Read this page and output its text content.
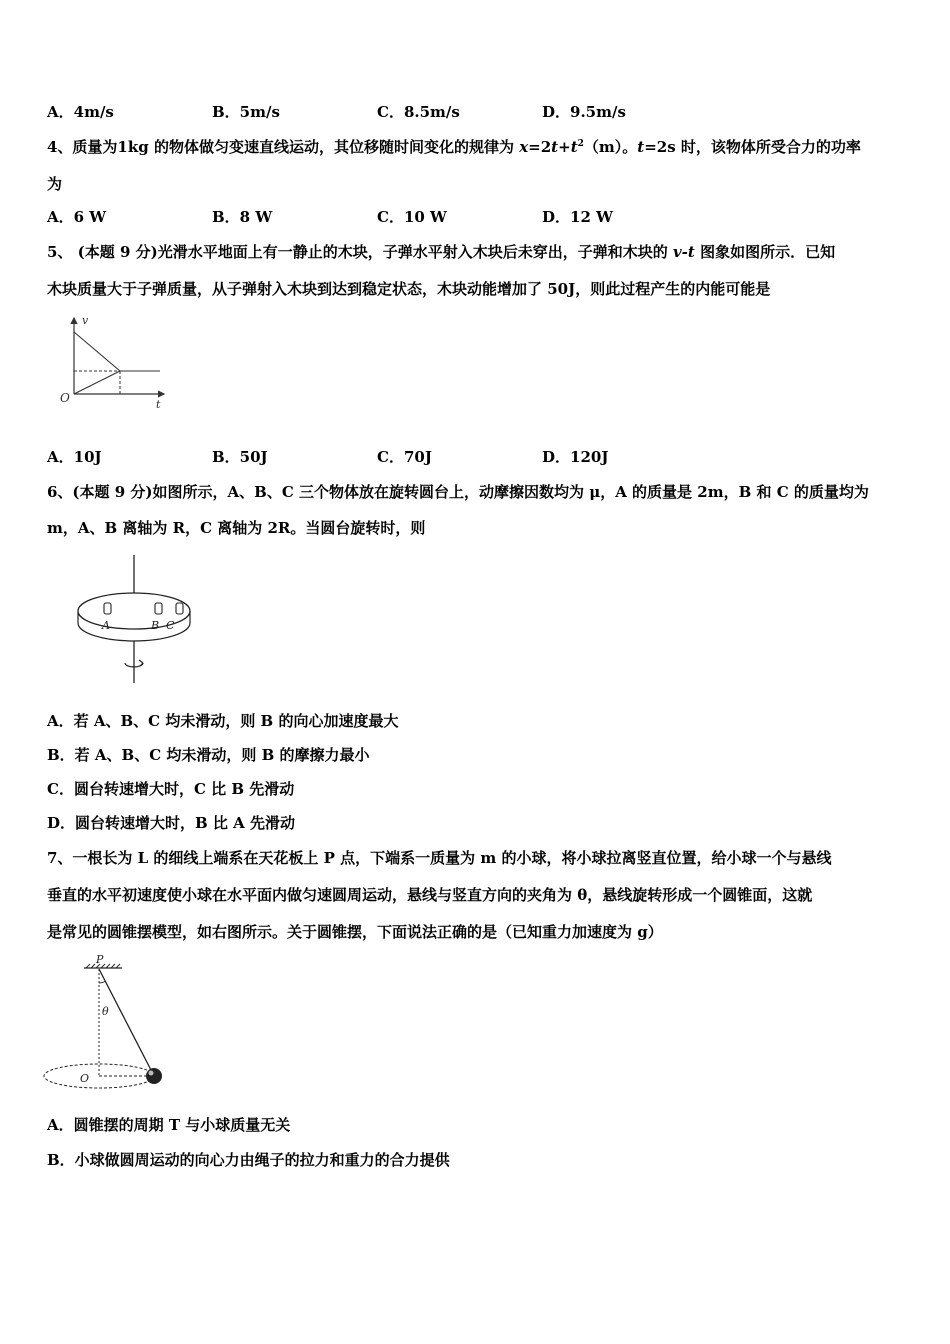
A．4m/s	B．5m/s	C．8.5m/s	D．9.5m/s
4、质量为1kg 的物体做匀变速直线运动，其位移随时间变化的规律为 $x=2t+t^2(m)$。t=2s 时，该物体所受合力的功率
为
A．6 W	B．8 W	C．10 W	D．12 W
5、 (本题 9 分)光滑水平地面上有一静止的木块，子弹水平射入木块后未穿出，子弹和木块的 v-t 图象如图所示．已知
木块质量大于子弹质量，从子弹射入木块到达到稳定状态，木块动能增加了 50J，则此过程产生的内能可能是
v
O	t
A．10J	B．50J	C．70J	D．120J
6、(本题 9 分)如图所示，A、B、C 三个物体放在旋转圆台上，动摩擦因数均为 μ，A 的质量是 2m，B 和 C 的质量均为
m，A、B 离轴为 R，C 离轴为 2R。当圆台旋转时，则
A	B C
A．若 A、B、C 均未滑动，则 B 的向心加速度最大
B．若 A、B、C 均未滑动，则 B 的摩擦力最小
C．圆台转速增大时，C 比 B 先滑动
D．圆台转速增大时，B 比 A 先滑动
7、一根长为 L 的细线上端系在天花板上 P 点，下端系一质量为 m 的小球，将小球拉离竖直位置，给小球一个与悬线
垂直的水平初速度使小球在水平面内做匀速圆周运动，悬线与竖直方向的夹角为 θ，悬线旋转形成一个圆锥面，这就
是常见的圆锥摆模型，如右图所示。关于圆锥摆，下面说法正确的是（已知重力加速度为 g）
P
θ
O
A．圆锥摆的周期 T 与小球质量无关
B．小球做圆周运动的向心力由绳子的拉力和重力的合力提供
